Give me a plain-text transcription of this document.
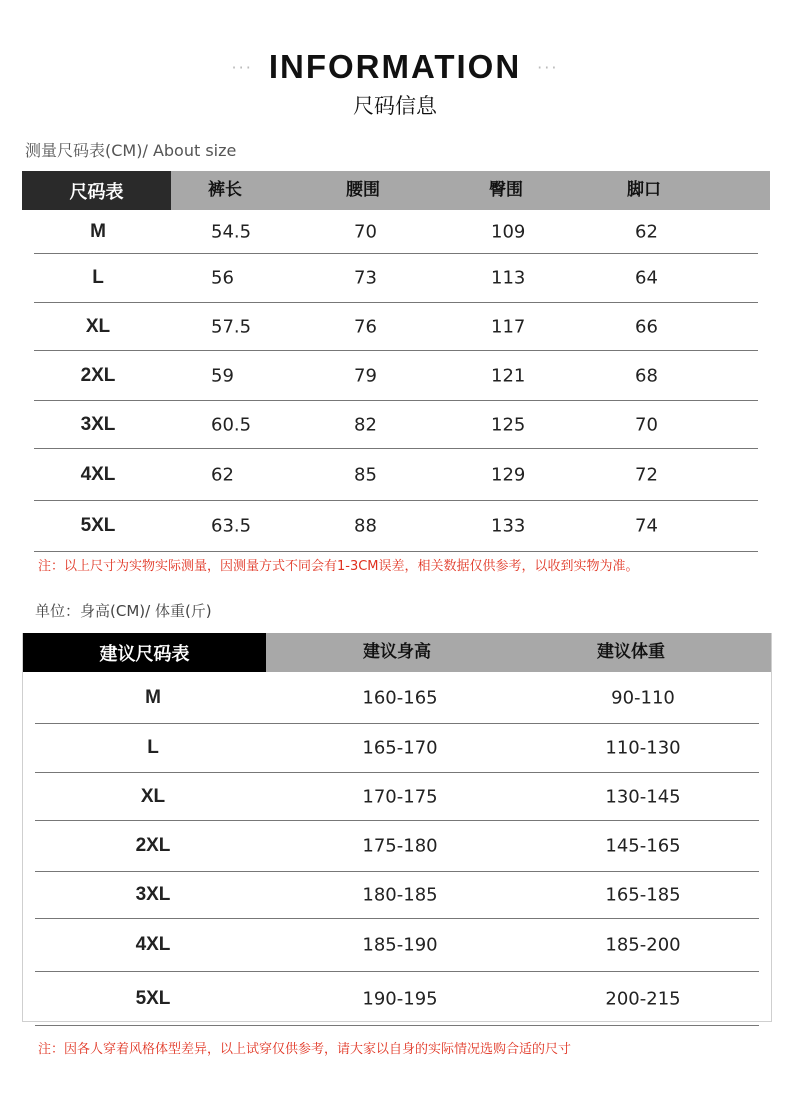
··· INFORMATION ···
尺码信息
测量尺码表(CM)/ About size
尺码表	裤长	腰围	臀围	脚口
M	54.5	70	109	62
L	56	73	113	64
XL	57.5	76	117	66
2XL	59	79	121	68
3XL	60.5	82	125	70
4XL	62	85	129	72
5XL	63.5	88	133	74
注：以上尺寸为实物实际测量，因测量方式不同会有1-3CM误差，相关数据仅供参考，以收到实物为准。
单位：身高(CM)/ 体重(斤)
建议尺码表	建议身高	建议体重
M	160-165	90-110
L	165-170	110-130
XL	170-175	130-145
2XL	175-180	145-165
3XL	180-185	165-185
4XL	185-190	185-200
5XL	190-195	200-215
注：因各人穿着风格体型差异，以上试穿仅供参考，请大家以自身的实际情况选购合适的尺寸
